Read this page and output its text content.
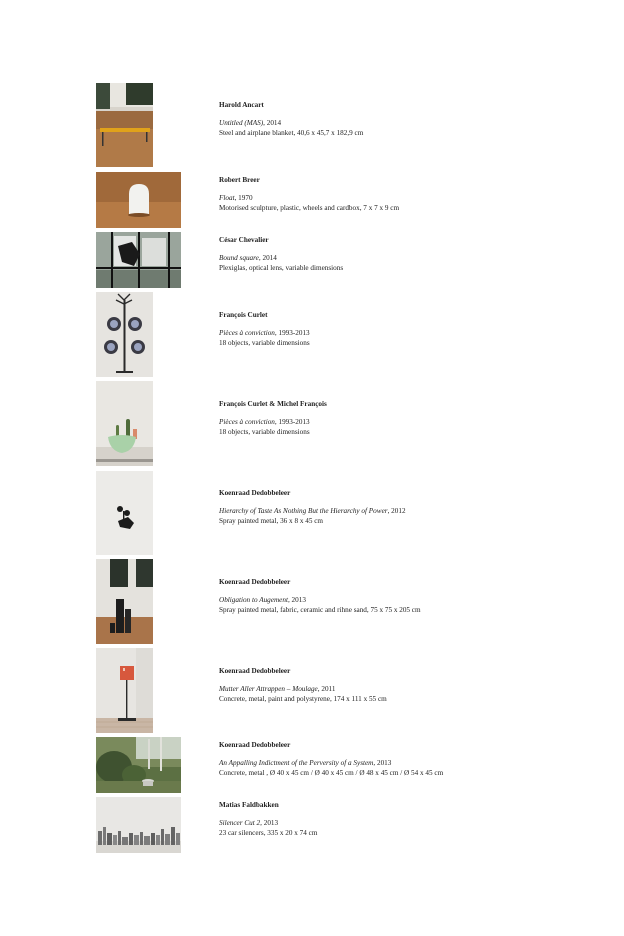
Harold Ancart
Untitled (MAS), 2014
Steel and airplane blanket, 40,6 x 45,7 x 182,9 cm
Robert Breer
Float, 1970
Motorised sculpture, plastic, wheels and cardbox, 7 x 7 x 9 cm
César Chevalier
Bound square, 2014
Plexiglas, optical lens, variable dimensions
François Curlet
Pièces à conviction, 1993-2013
18 objects, variable dimensions
François Curlet & Michel François
Pièces à conviction, 1993-2013
18 objects, variable dimensions
Koenraad Dedobbeleer
Hierarchy of Taste As Nothing But the Hierarchy of Power, 2012
Spray painted metal, 36 x 8 x 45 cm
Koenraad Dedobbeleer
Obligation to Augement, 2013
Spray painted metal, fabric, ceramic and rihne sand, 75 x 75 x 205 cm
Koenraad Dedobbeleer
Mutter Aller Attrappen – Moulage, 2011
Concrete, metal, paint and polystyrene, 174 x 111 x 55 cm
Koenraad Dedobbeleer
An Appalling Indictment of the Perversity of a System, 2013
Concrete, metal , Ø 40 x 45 cm / Ø 40 x 45 cm / Ø 48 x 45 cm / Ø 54 x 45 cm
Matias Faldbakken
Silencer Cut 2, 2013
23 car silencers, 335 x 20 x 74 cm
